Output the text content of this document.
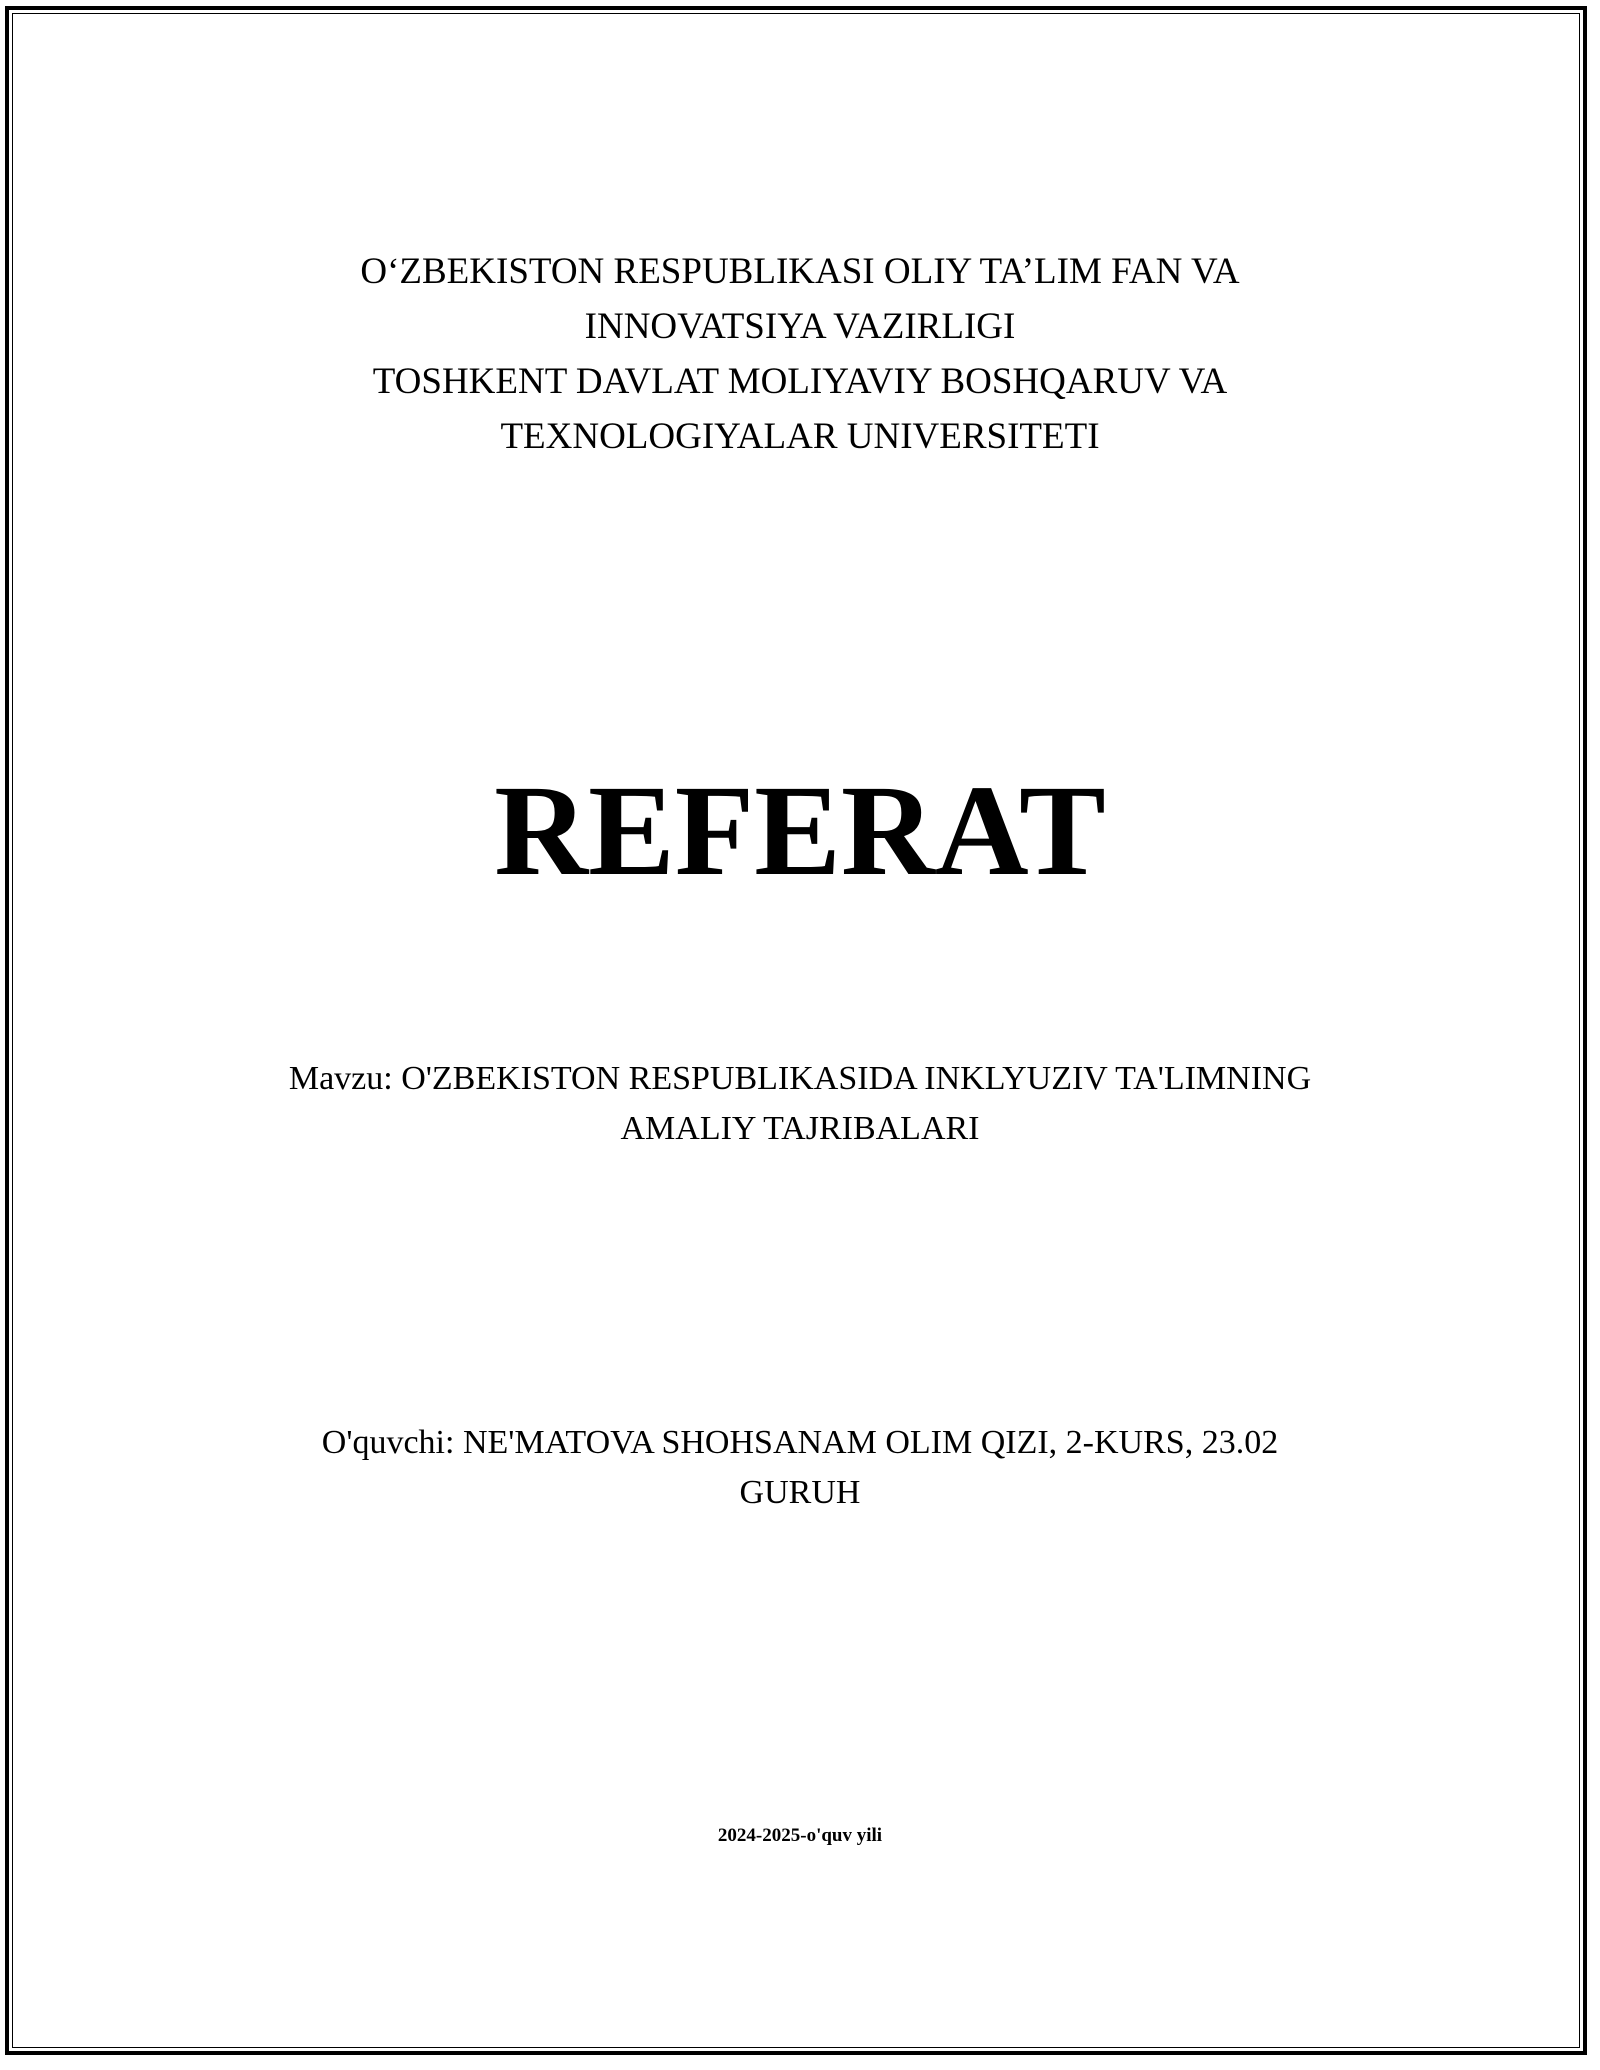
O‘ZBEKISTON RESPUBLIKASI OLIY TA’LIM FAN VA
INNOVATSIYA VAZIRLIGI
TOSHKENT DAVLAT MOLIYAVIY BOSHQARUV VA
TEXNOLOGIYALAR UNIVERSITETI
REFERAT
Mavzu: O'ZBEKISTON RESPUBLIKASIDA INKLYUZIV TA'LIMNING
AMALIY TAJRIBALARI
O'quvchi: NE'MATOVA SHOHSANAM OLIM QIZI, 2-KURS, 23.02
GURUH
2024-2025-o'quv yili
